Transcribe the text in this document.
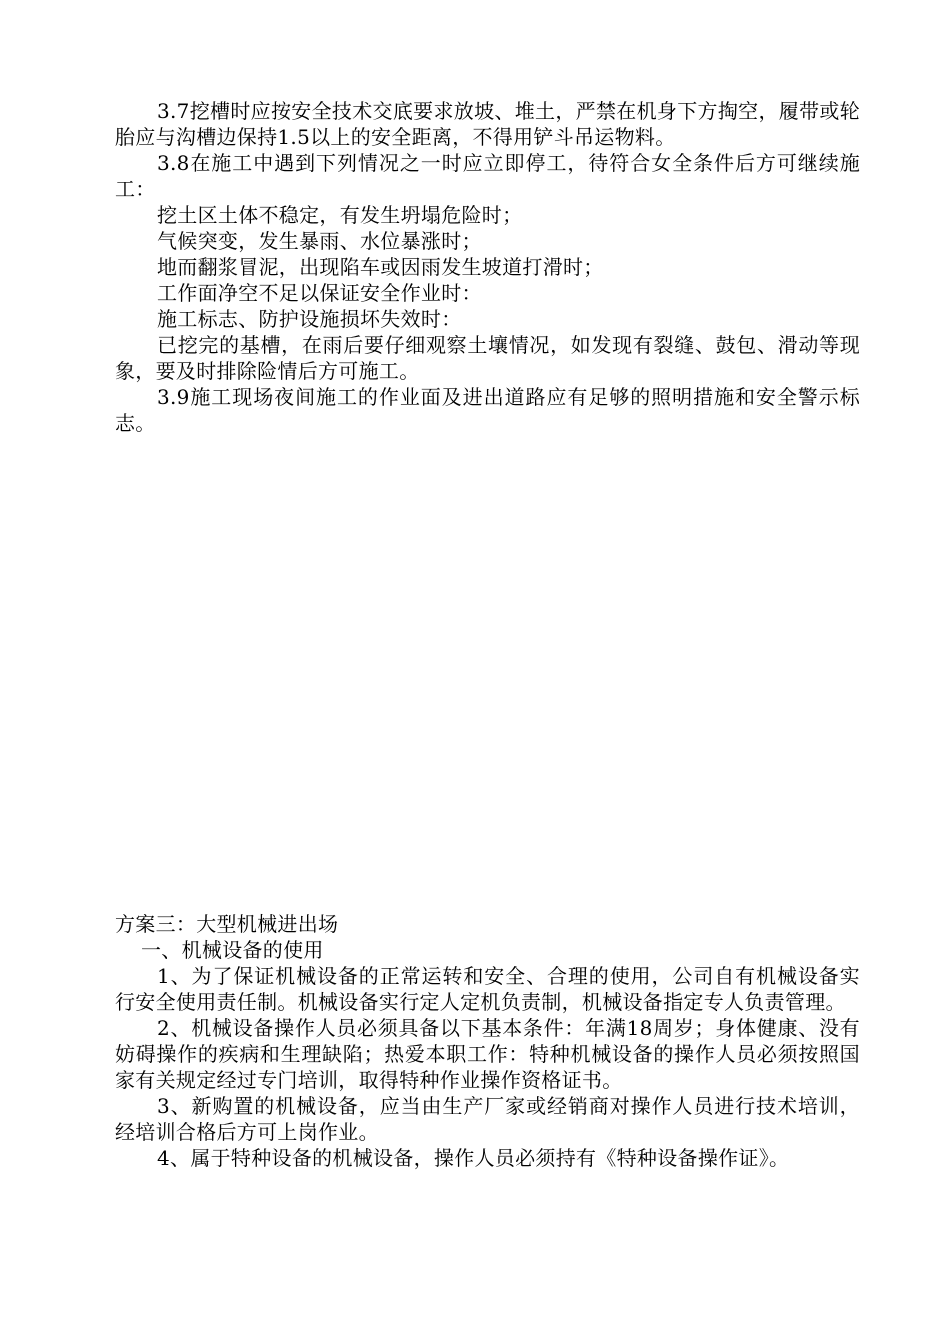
3.7挖槽时应按安全技术交底要求放坡、堆土，严禁在机身下方掏空，履带或轮胎应与沟槽边保持1.5以上的安全距离，不得用铲斗吊运物料。

3.8在施工中遇到下列情况之一时应立即停工，待符合女全条件后方可继续施工：

挖土区土体不稳定，有发生坍塌危险时；

气候突变，发生暴雨、水位暴涨时；

地而翻浆冒泥，出现陷车或因雨发生坡道打滑时；

工作面净空不足以保证安全作业时：

施工标志、防护设施损坏失效时：

已挖完的基槽，在雨后要仔细观察土壤情况，如发现有裂缝、鼓包、滑动等现象，要及时排除险情后方可施工。

3.9施工现场夜间施工的作业面及进出道路应有足够的照明措施和安全警示标志。

方案三：大型机械进出场

一、机械设备的使用

1、为了保证机械设备的正常运转和安全、合理的使用，公司自有机械设备实行安全使用责任制。机械设备实行定人定机负责制，机械设备指定专人负责管理。

2、机械设备操作人员必须具备以下基本条件：年满18周岁；身体健康、没有妨碍操作的疾病和生理缺陷；热爱本职工作：特种机械设备的操作人员必须按照国家有关规定经过专门培训，取得特种作业操作资格证书。

3、新购置的机械设备，应当由生产厂家或经销商对操作人员进行技术培训，经培训合格后方可上岗作业。

4、属于特种设备的机械设备，操作人员必须持有《特种设备操作证》。
